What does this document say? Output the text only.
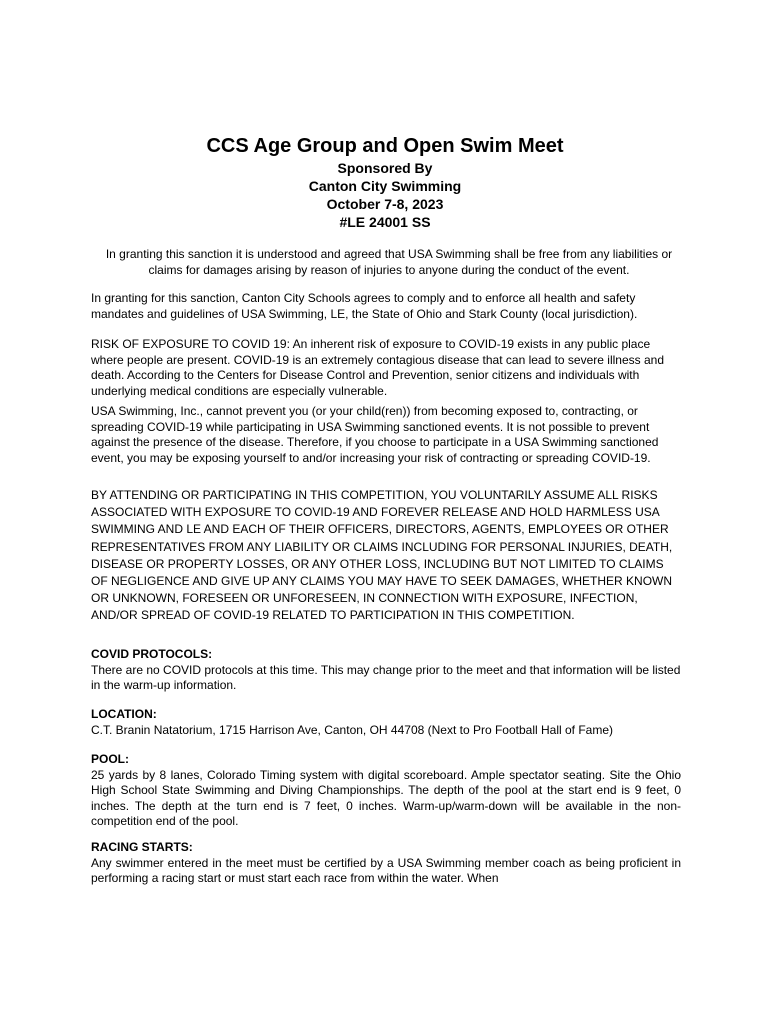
CCS Age Group and Open Swim Meet

Sponsored By

Canton City Swimming

October 7-8, 2023

#LE 24001 SS

In granting this sanction it is understood and agreed that USA Swimming shall be free from any liabilities or claims for damages arising by reason of injuries to anyone during the conduct of the event.

In granting for this sanction, Canton City Schools agrees to comply and to enforce all health and safety mandates and guidelines of USA Swimming, LE, the State of Ohio and Stark County (local jurisdiction).

RISK OF EXPOSURE TO COVID 19: An inherent risk of exposure to COVID-19 exists in any public place where people are present. COVID-19 is an extremely contagious disease that can lead to severe illness and death. According to the Centers for Disease Control and Prevention, senior citizens and individuals with underlying medical conditions are especially vulnerable.

USA Swimming, Inc., cannot prevent you (or your child(ren)) from becoming exposed to, contracting, or spreading COVID-19 while participating in USA Swimming sanctioned events. It is not possible to prevent against the presence of the disease. Therefore, if you choose to participate in a USA Swimming sanctioned event, you may be exposing yourself to and/or increasing your risk of contracting or spreading COVID-19.

BY ATTENDING OR PARTICIPATING IN THIS COMPETITION, YOU VOLUNTARILY ASSUME ALL RISKS ASSOCIATED WITH EXPOSURE TO COVID-19 AND FOREVER RELEASE AND HOLD HARMLESS USA SWIMMING AND LE AND EACH OF THEIR OFFICERS, DIRECTORS, AGENTS, EMPLOYEES OR OTHER REPRESENTATIVES FROM ANY LIABILITY OR CLAIMS INCLUDING FOR PERSONAL INJURIES, DEATH, DISEASE OR PROPERTY LOSSES, OR ANY OTHER LOSS, INCLUDING BUT NOT LIMITED TO CLAIMS OF NEGLIGENCE AND GIVE UP ANY CLAIMS YOU MAY HAVE TO SEEK DAMAGES, WHETHER KNOWN OR UNKNOWN, FORESEEN OR UNFORESEEN, IN CONNECTION WITH EXPOSURE, INFECTION, AND/OR SPREAD OF COVID-19 RELATED TO PARTICIPATION IN THIS COMPETITION.

COVID PROTOCOLS:
There are no COVID protocols at this time. This may change prior to the meet and that information will be listed in the warm-up information.
LOCATION:
C.T. Branin Natatorium, 1715 Harrison Ave, Canton, OH 44708 (Next to Pro Football Hall of Fame)
POOL:
25 yards by 8 lanes, Colorado Timing system with digital scoreboard. Ample spectator seating. Site the Ohio High School State Swimming and Diving Championships. The depth of the pool at the start end is 9 feet, 0 inches. The depth at the turn end is 7 feet, 0 inches. Warm-up/warm-down will be available in the non-competition end of the pool.
RACING STARTS:
Any swimmer entered in the meet must be certified by a USA Swimming member coach as being proficient in performing a racing start or must start each race from within the water. When
